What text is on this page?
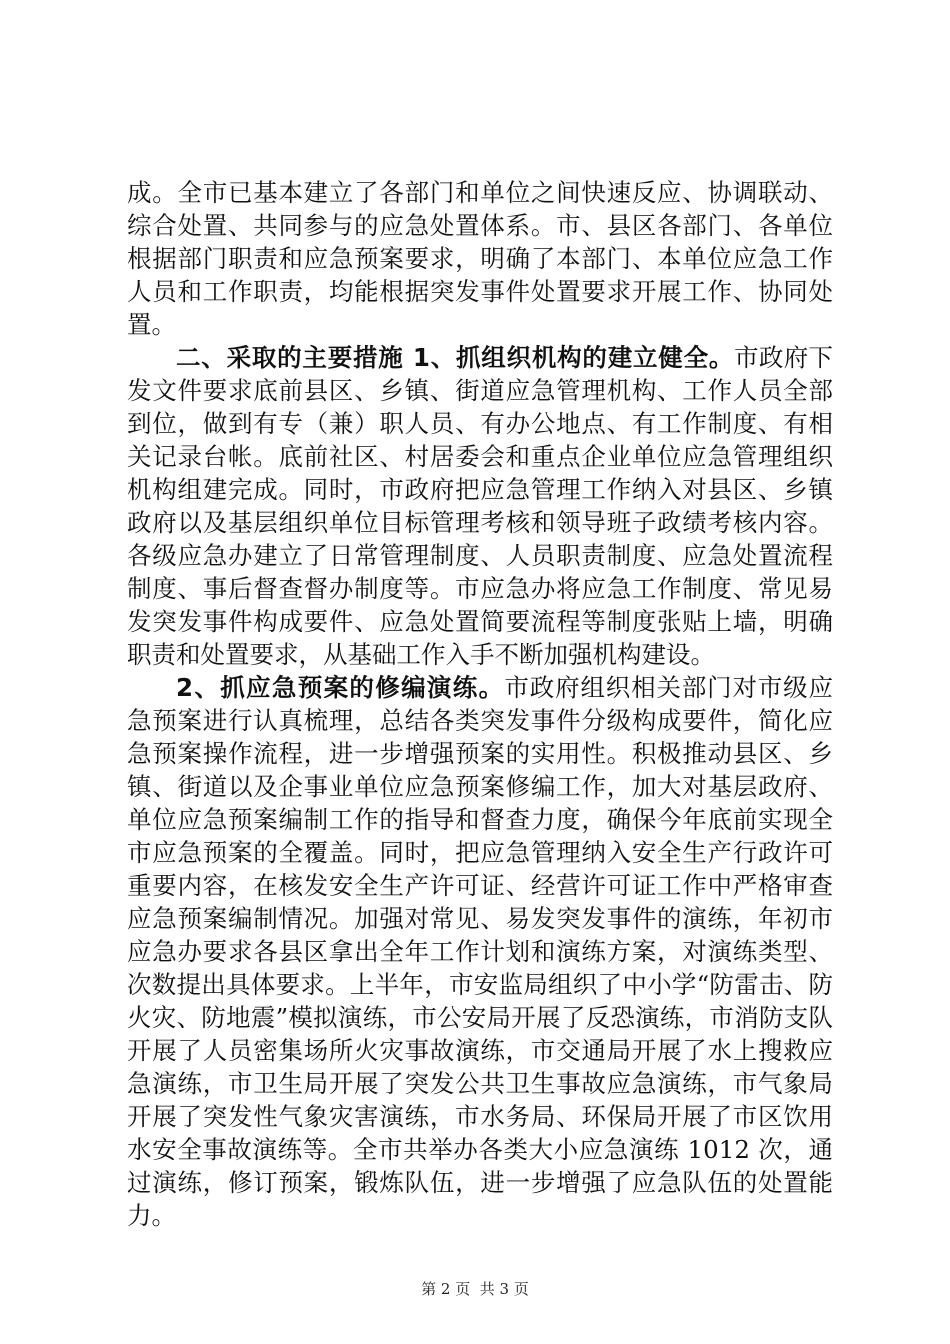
成。全市已基本建立了各部门和单位之间快速反应、协调联动、综合处置、共同参与的应急处置体系。市、县区各部门、各单位根据部门职责和应急预案要求，明确了本部门、本单位应急工作人员和工作职责，均能根据突发事件处置要求开展工作、协同处置。

二、采取的主要措施 1、抓组织机构的建立健全。市政府下发文件要求底前县区、乡镇、街道应急管理机构、工作人员全部到位，做到有专（兼）职人员、有办公地点、有工作制度、有相关记录台帐。底前社区、村居委会和重点企业单位应急管理组织机构组建完成。同时，市政府把应急管理工作纳入对县区、乡镇政府以及基层组织单位目标管理考核和领导班子政绩考核内容。各级应急办建立了日常管理制度、人员职责制度、应急处置流程制度、事后督查督办制度等。市应急办将应急工作制度、常见易发突发事件构成要件、应急处置简要流程等制度张贴上墙，明确职责和处置要求，从基础工作入手不断加强机构建设。

2、抓应急预案的修编演练。市政府组织相关部门对市级应急预案进行认真梳理，总结各类突发事件分级构成要件，简化应急预案操作流程，进一步增强预案的实用性。积极推动县区、乡镇、街道以及企事业单位应急预案修编工作，加大对基层政府、单位应急预案编制工作的指导和督查力度，确保今年底前实现全市应急预案的全覆盖。同时，把应急管理纳入安全生产行政许可重要内容，在核发安全生产许可证、经营许可证工作中严格审查应急预案编制情况。加强对常见、易发突发事件的演练，年初市应急办要求各县区拿出全年工作计划和演练方案，对演练类型、次数提出具体要求。上半年，市安监局组织了中小学“防雷击、防火灾、防地震”模拟演练，市公安局开展了反恐演练，市消防支队开展了人员密集场所火灾事故演练，市交通局开展了水上搜救应急演练，市卫生局开展了突发公共卫生事故应急演练，市气象局开展了突发性气象灾害演练，市水务局、环保局开展了市区饮用水安全事故演练等。全市共举办各类大小应急演练 1012 次，通过演练，修订预案，锻炼队伍，进一步增强了应急队伍的处置能力。

第 2 页  共 3 页
